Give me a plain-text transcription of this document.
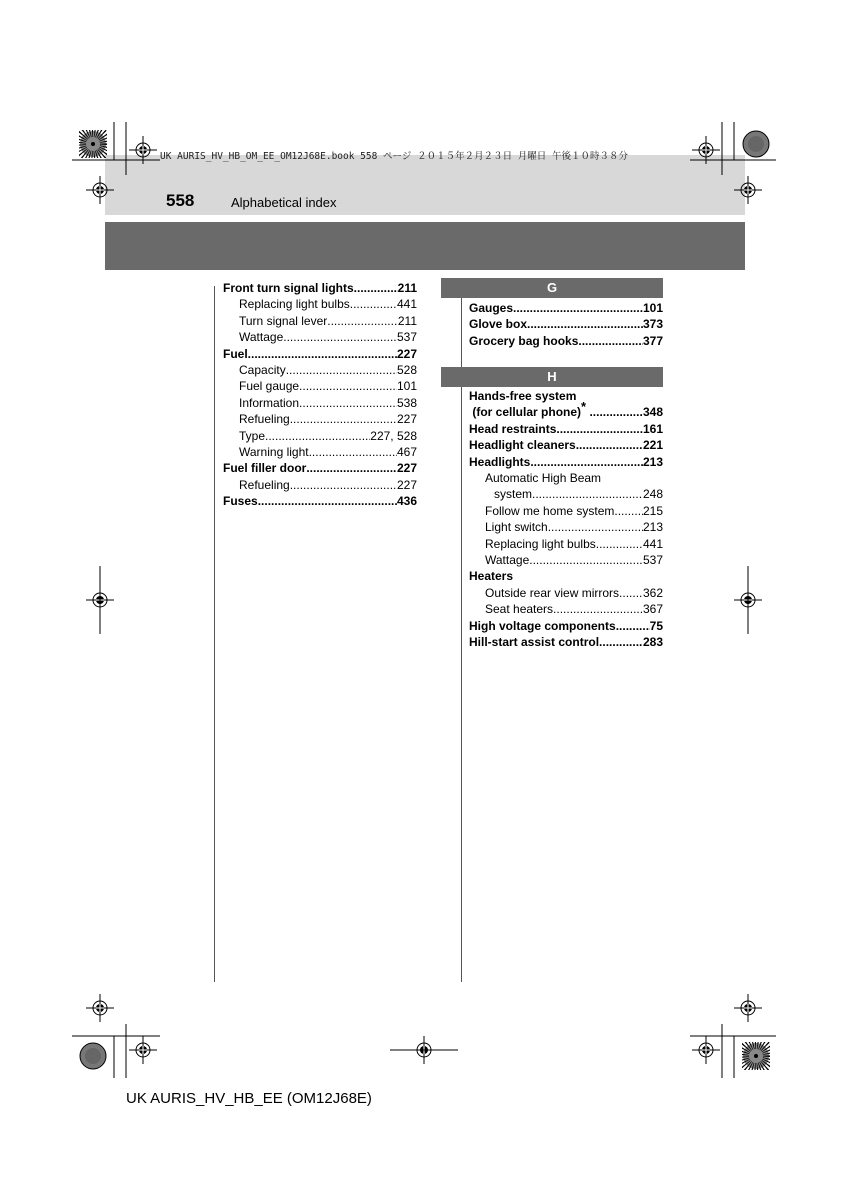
UK AURIS_HV_HB_OM_EE_OM12J68E.book 558 ページ ２０１５年２月２３日 月曜日 午後１０時３８分
558	Alphabetical index
Front turn signal lights .....	211
Replacing light bulbs .....	441
Turn signal lever .....	211
Wattage .....	537
Fuel .....	227
Capacity .....	528
Fuel gauge .....	101
Information .....	538
Refueling .....	227
Type .....	227, 528
Warning light .....	467
Fuel filler door .....	227
Refueling .....	227
Fuses .....	436
G
Gauges .....	101
Glove box .....	373
Grocery bag hooks .....	377
H
Hands-free system
(for cellular phone)* .....	348
Head restraints .....	161
Headlight cleaners .....	221
Headlights .....	213
Automatic High Beam
system .....	248
Follow me home system ..... 215
Light switch .....	213
Replacing light bulbs .....	441
Wattage .....	537
Heaters
Outside rear view mirrors ..... 362
Seat heaters .....	367
High voltage components .....	75
Hill-start assist control .....	283
UK AURIS_HV_HB_EE (OM12J68E)
